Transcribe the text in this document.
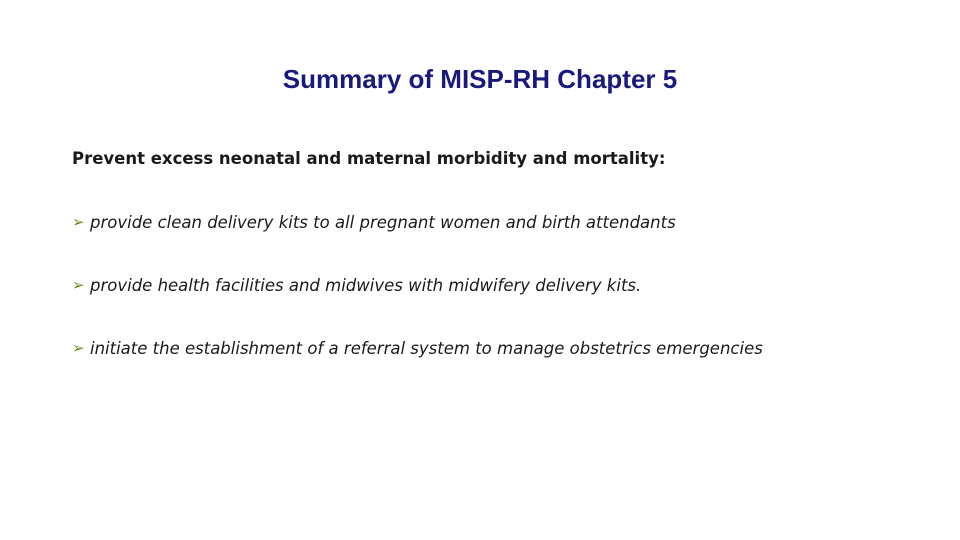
Summary of MISP-RH Chapter 5
Prevent excess neonatal and maternal morbidity and mortality:
➢ provide clean delivery kits to all pregnant women and birth attendants
➢ provide health facilities and midwives with midwifery delivery kits.
➢ initiate the establishment of a referral system to manage obstetrics emergencies
